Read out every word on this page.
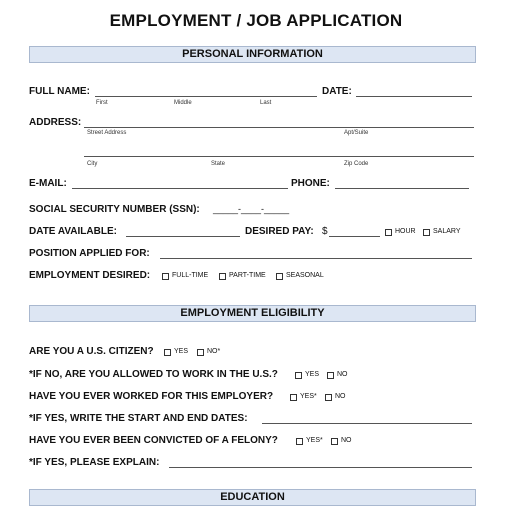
EMPLOYMENT / JOB APPLICATION
PERSONAL INFORMATION
FULL NAME:
First	Middle	Last
DATE:
ADDRESS:
Street Address	Apt/Suite
City	State	Zip Code
E-MAIL:	PHONE:
SOCIAL SECURITY NUMBER (SSN): _____-____-_____
DATE AVAILABLE:	DESIRED PAY: $	HOUR SALARY
POSITION APPLIED FOR:
EMPLOYMENT DESIRED:	FULL-TIME	PART-TIME	SEASONAL
EMPLOYMENT ELIGIBILITY
ARE YOU A U.S. CITIZEN?	YES	NO*
*IF NO, ARE YOU ALLOWED TO WORK IN THE U.S.?	YES	NO
HAVE YOU EVER WORKED FOR THIS EMPLOYER?	YES*	NO
*IF YES, WRITE THE START AND END DATES:
HAVE YOU EVER BEEN CONVICTED OF A FELONY?	YES*	NO
*IF YES, PLEASE EXPLAIN:
EDUCATION
